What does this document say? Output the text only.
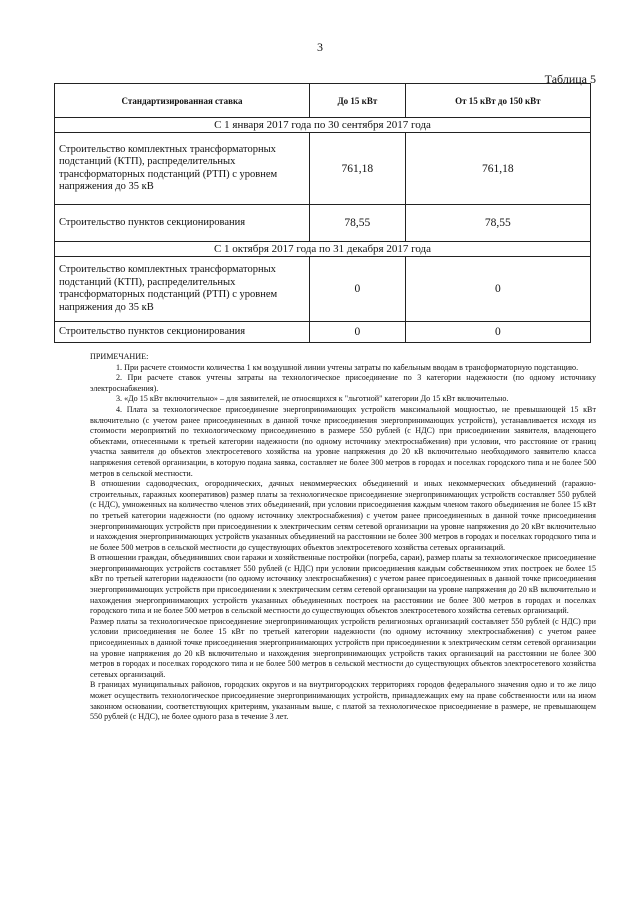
3
Таблица 5
Стандартизированная ставка	До 15 кВт	От 15 кВт до 150 кВт
С 1 января 2017 года по 30 сентября 2017 года		
Строительство комплектных трансформаторных подстанций (КТП), распределительных трансформаторных подстанций (РТП) с уровнем напряжения до 35 кВ	761,18	761,18
Строительство пунктов секционирования	78,55	78,55
С 1 октября 2017 года по 31 декабря 2017 года		
Строительство комплектных трансформаторных подстанций (КТП), распределительных трансформаторных подстанций (РТП) с уровнем напряжения до 35 кВ	0	0
Строительство пунктов секционирования	0	0

ПРИМЕЧАНИЕ:

1. При расчете стоимости количества 1 км воздушной линии учтены затраты по кабельным вводам в трансформаторную подстанцию.

2. При расчете ставок учтены затраты на технологическое присоединение по 3 категории надежности (по одному источнику электроснабжения).

3. «До 15 кВт включительно» – для заявителей, не относящихся к "льготной" категории До 15 кВт включительно.

4. Плата за технологическое присоединение энергопринимающих устройств максимальной мощностью, не превышающей 15 кВт включительно (с учетом ранее присоединенных в данной точке присоединения энергопринимающих устройств), устанавливается исходя из стоимости мероприятий по технологическому присоединению в размере 550 рублей (с НДС) при присоединении заявителя, владеющего объектами, отнесенными к третьей категории надежности (по одному источнику электроснабжения) при условии, что расстояние от границ участка заявителя до объектов электросетевого хозяйства на уровне напряжения до 20 кВ включительно необходимого заявителю класса напряжения сетевой организации, в которую подана заявка, составляет не более 300 метров в городах и поселках городского типа и не более 500 метров в сельской местности.

В отношении садоводческих, огороднических, дачных некоммерческих объединений и иных некоммерческих объединений (гаражно-строительных, гаражных кооперативов) размер платы за технологическое присоединение энергопринимающих устройств составляет 550 рублей (с НДС), умноженных на количество членов этих объединений, при условии присоединения каждым членом такого объединения не более 15 кВт по третьей категории надежности (по одному источнику электроснабжения) с учетом ранее присоединенных в данной точке присоединения энергопринимающих устройств при присоединении к электрическим сетям сетевой организации на уровне напряжения до 20 кВт включительно и нахождения энергопринимающих устройств указанных объединений на расстоянии не более 300 метров в городах и поселках городского типа и не более 500 метров в сельской местности до существующих объектов электросетевого хозяйства сетевых организаций.

В отношении граждан, объединивших свои гаражи и хозяйственные постройки (погреба, сараи), размер платы за технологическое присоединение энергопринимающих устройств составляет 550 рублей (с НДС) при условии присоединения каждым собственником этих построек не более 15 кВт по третьей категории надежности (по одному источнику электроснабжения) с учетом ранее присоединенных в данной точке присоединения энергопринимающих устройств при присоединении к электрическим сетям сетевой организации на уровне напряжения до 20 кВ включительно и нахождения энергопринимающих устройств указанных объединенных построек на расстоянии не более 300 метров в городах и поселках городского типа и не более 500 метров в сельской местности до существующих объектов электросетевого хозяйства сетевых организаций.

Размер платы за технологическое присоединение энергопринимающих устройств религиозных организаций составляет 550 рублей (с НДС) при условии присоединения не более 15 кВт по третьей категории надежности (по одному источнику электроснабжения) с учетом ранее присоединенных в данной точке присоединения энергопринимающих устройств при присоединении к электрическим сетям сетевой организации на уровне напряжения до 20 кВ включительно и нахождения энергопринимающих устройств таких организаций на расстоянии не более 300 метров в городах и поселках городского типа и не более 500 метров в сельской местности до существующих объектов электросетевого хозяйства сетевых организаций.

В границах муниципальных районов, городских округов и на внутригородских территориях городов федерального значения одно и то же лицо может осуществить технологическое присоединение энергопринимающих устройств, принадлежащих ему на праве собственности или на ином законном основании, соответствующих критериям, указанным выше, с платой за технологическое присоединение в размере, не превышающем 550 рублей (с НДС), не более одного раза в течение 3 лет.
